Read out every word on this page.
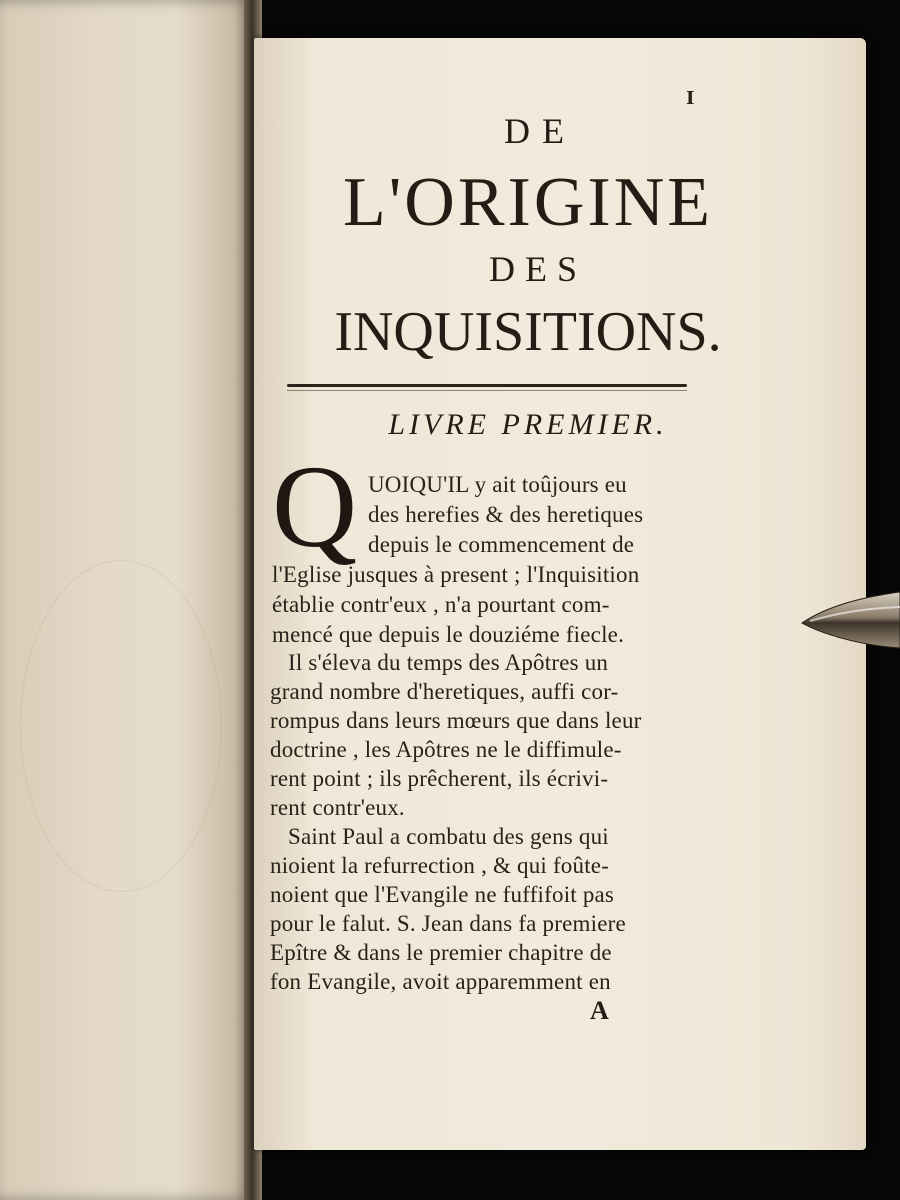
I
DE
L'ORIGINE
DES
INQUISITIONS.
LIVRE PREMIER.
Q UOIQU'IL y ait toûjours eu
des herefies & des heretiques
depuis le commencement de
l'Eglise jusques à present ; l'Inquisition
établie contr'eux , n'a pourtant com-
mencé que depuis le douziéme fiecle.
Il s'éleva du temps des Apôtres un
grand nombre d'heretiques, auffi cor-
rompus dans leurs mœurs que dans leur
doctrine , les Apôtres ne le diffimule-
rent point ; ils prêcherent, ils écrivi-
rent contr'eux.
Saint Paul a combatu des gens qui
nioient la refurrection , & qui foûte-
noient que l'Evangile ne fuffifoit pas
pour le falut. S. Jean dans fa premiere
Epître & dans le premier chapitre de
fon Evangile, avoit apparemment en
A
